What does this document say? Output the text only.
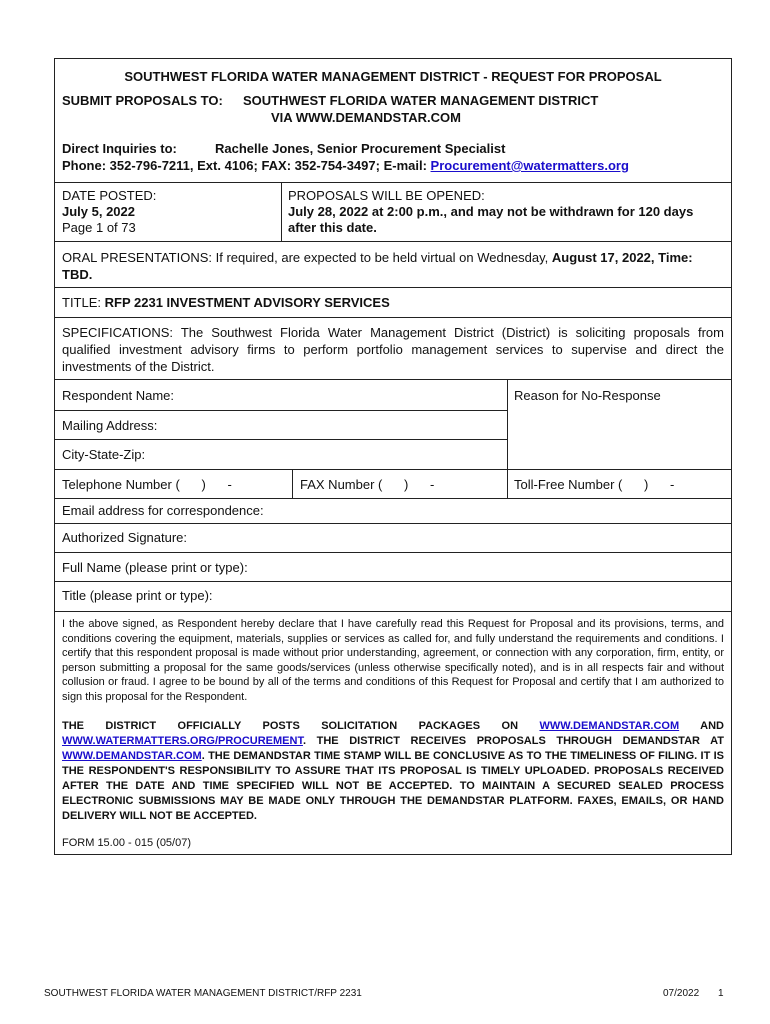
SOUTHWEST FLORIDA WATER MANAGEMENT DISTRICT - REQUEST FOR PROPOSAL
SUBMIT PROPOSALS TO: SOUTHWEST FLORIDA WATER MANAGEMENT DISTRICT
VIA WWW.DEMANDSTAR.COM
Direct Inquiries to:	Rachelle Jones, Senior Procurement Specialist
Phone: 352-796-7211, Ext. 4106; FAX: 352-754-3497; E-mail: Procurement@watermatters.org
DATE POSTED:
July 5, 2022
Page 1 of 73
PROPOSALS WILL BE OPENED:
July 28, 2022 at 2:00 p.m., and may not be withdrawn for 120 days
after this date.
ORAL PRESENTATIONS: If required, are expected to be held virtual on Wednesday, August 17, 2022, Time: TBD.
TITLE: RFP 2231 INVESTMENT ADVISORY SERVICES
SPECIFICATIONS: The Southwest Florida Water Management District (District) is soliciting proposals from qualified investment advisory firms to perform portfolio management services to supervise and direct the investments of the District.
Respondent Name:	Reason for No-Response
Mailing Address:
City-State-Zip:
Telephone Number (      )      -	FAX Number (      )      -	Toll-Free Number (      )      -
Email address for correspondence:
Authorized Signature:
Full Name (please print or type):
Title (please print or type):
I the above signed, as Respondent hereby declare that I have carefully read this Request for Proposal and its provisions, terms, and conditions covering the equipment, materials, supplies or services as called for, and fully understand the requirements and conditions. I certify that this respondent proposal is made without prior understanding, agreement, or connection with any corporation, firm, entity, or person submitting a proposal for the same goods/services (unless otherwise specifically noted), and is in all respects fair and without collusion or fraud. I agree to be bound by all of the terms and conditions of this Request for Proposal and certify that I am authorized to sign this proposal for the Respondent.
THE DISTRICT OFFICIALLY POSTS SOLICITATION PACKAGES ON WWW.DEMANDSTAR.COM AND WWW.WATERMATTERS.ORG/PROCUREMENT. THE DISTRICT RECEIVES PROPOSALS THROUGH DEMANDSTAR AT WWW.DEMANDSTAR.COM. THE DEMANDSTAR TIME STAMP WILL BE CONCLUSIVE AS TO THE TIMELINESS OF FILING. IT IS THE RESPONDENT'S RESPONSIBILITY TO ASSURE THAT ITS PROPOSAL IS TIMELY UPLOADED. PROPOSALS RECEIVED AFTER THE DATE AND TIME SPECIFIED WILL NOT BE ACCEPTED. TO MAINTAIN A SECURED SEALED PROCESS ELECTRONIC SUBMISSIONS MAY BE MADE ONLY THROUGH THE DEMANDSTAR PLATFORM. FAXES, EMAILS, OR HAND DELIVERY WILL NOT BE ACCEPTED.
FORM 15.00 - 015 (05/07)
SOUTHWEST FLORIDA WATER MANAGEMENT DISTRICT/RFP 2231	07/2022 1
